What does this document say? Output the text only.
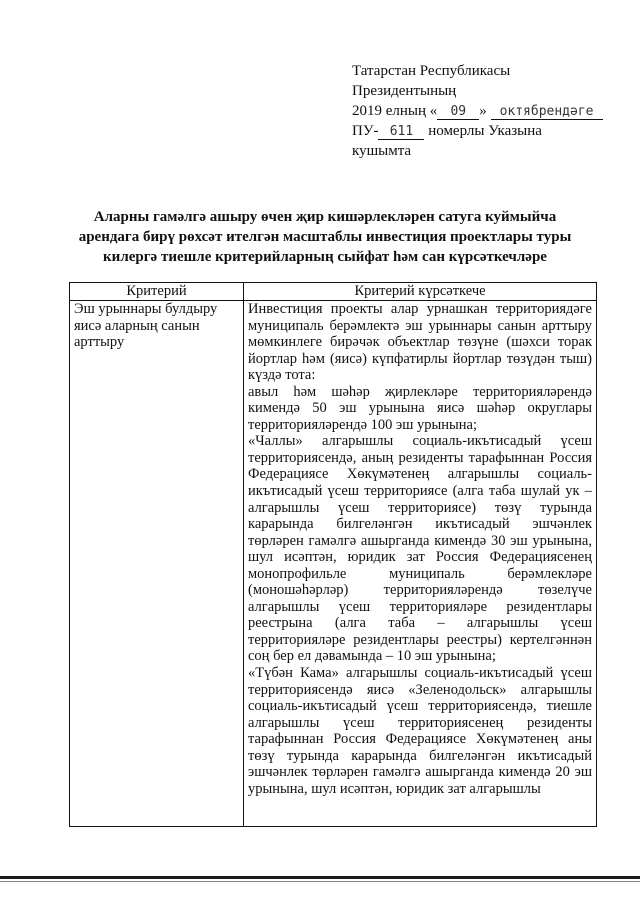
Татарстан Республикасы
Президентының
2019 елның « 09 » октябрендәге
ПУ- 611 номерлы Указына
кушымта
Аларны гамәлгә ашыру өчен җир кишәрлекләрен сатуга куймыйча арендага бирү рөхсәт ителгән масштаблы инвестиция проектлары туры килергә тиешле критерийларның сыйфат һәм сан күрсәткечләре
Критерий	Критерий күрсәткече

Эш урыннары булдыру яисә аларның санын арттыру	Инвестиция проекты алар урнашкан территориядәге муниципаль берәмлектә эш урыннары санын арттыру мөмкинлеге бирәчәк объектлар төзүне (шәхси торак йортлар һәм (яисә) күпфатирлы йортлар төзүдән тыш) күздә тота:

авыл һәм шәһәр җирлекләре территорияләрендә кимендә 50 эш урынына яисә шәһәр округлары территорияләрендә 100 эш урынына;

«Чаллы» алгарышлы социаль-икътисадый үсеш территориясендә, аның резиденты тарафыннан Россия Федерациясе Хөкүмәтенең алгарышлы социаль-икътисадый үсеш территориясе (алга таба шулай ук – алгарышлы үсеш территориясе) төзү турында карарында билгеләнгән икътисадый эшчәнлек төрләрен гамәлгә ашырганда кимендә 30 эш урынына, шул исәптән, юридик зат Россия Федерациясенең монопрофильле муниципаль берәмлекләре (моношәһәрләр) территорияләрендә төзелүче алгарышлы үсеш территорияләре резидентлары реестрына (алга таба – алгарышлы үсеш территорияләре резидентлары реестры) кертелгәннән соң бер ел дәвамында – 10 эш урынына;

«Түбән Кама» алгарышлы социаль-икътисадый үсеш территориясендә яисә «Зеленодольск» алгарышлы социаль-икътисадый үсеш территориясендә, тиешле алгарышлы үсеш территориясенең резиденты тарафыннан Россия Федерациясе Хөкүмәтенең аны төзү турында карарында билгеләнгән икътисадый эшчәнлек төрләрен гамәлгә ашырганда кимендә 20 эш урынына, шул исәптән, юридик зат алгарышлы
